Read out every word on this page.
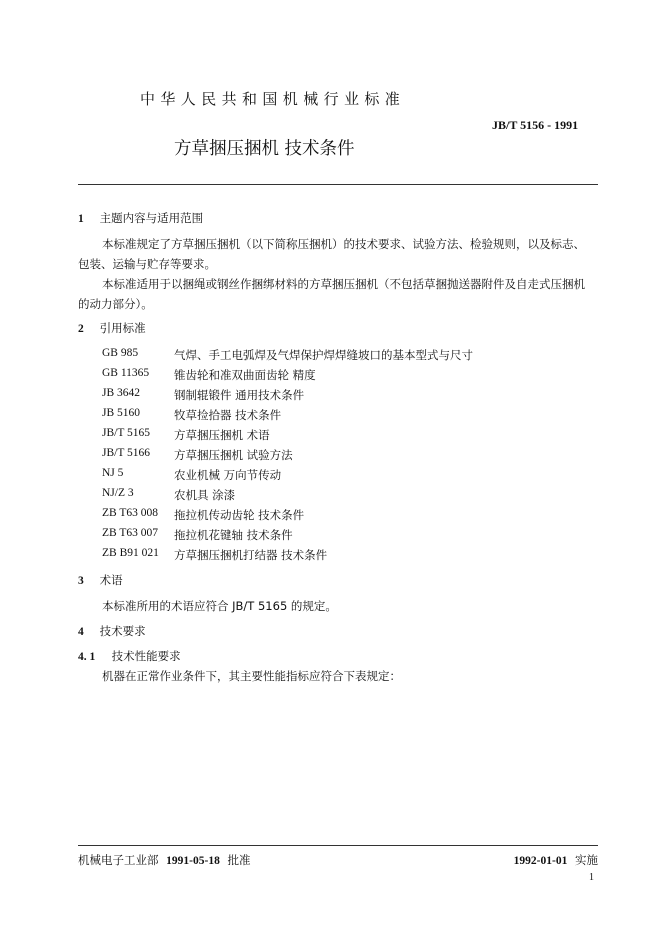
中华人民共和国机械行业标准
JB/T 5156 - 1991
方草捆压捆机 技术条件
1 主题内容与适用范围
本标准规定了方草捆压捆机（以下简称压捆机）的技术要求、试验方法、检验规则，以及标志、
包装、运输与贮存等要求。
本标准适用于以捆绳或钢丝作捆绑材料的方草捆压捆机（不包括草捆抛送器附件及自走式压捆机
的动力部分）。
2 引用标准
GB 985	气焊、手工电弧焊及气焊保护焊焊缝坡口的基本型式与尺寸
GB 11365 锥齿轮和准双曲面齿轮 精度
JB 3642	钢制辊锻件 通用技术条件
JB 5160	牧草捡拾器 技术条件
JB/T 5165 方草捆压捆机 术语
JB/T 5166 方草捆压捆机 试验方法
NJ 5	农业机械 万向节传动
NJ/Z 3	农机具 涂漆
ZB T63 008 拖拉机传动齿轮 技术条件
ZB T63 007 拖拉机花键轴 技术条件
ZB B91 021 方草捆压捆机打结器 技术条件
3 术语
本标准所用的术语应符合 JB/T 5165 的规定。
4 技术要求
4. 1 技术性能要求
机器在正常作业条件下，其主要性能指标应符合下表规定：
机械电子工业部 1991-05-18 批准	1992-01-01 实施
1
